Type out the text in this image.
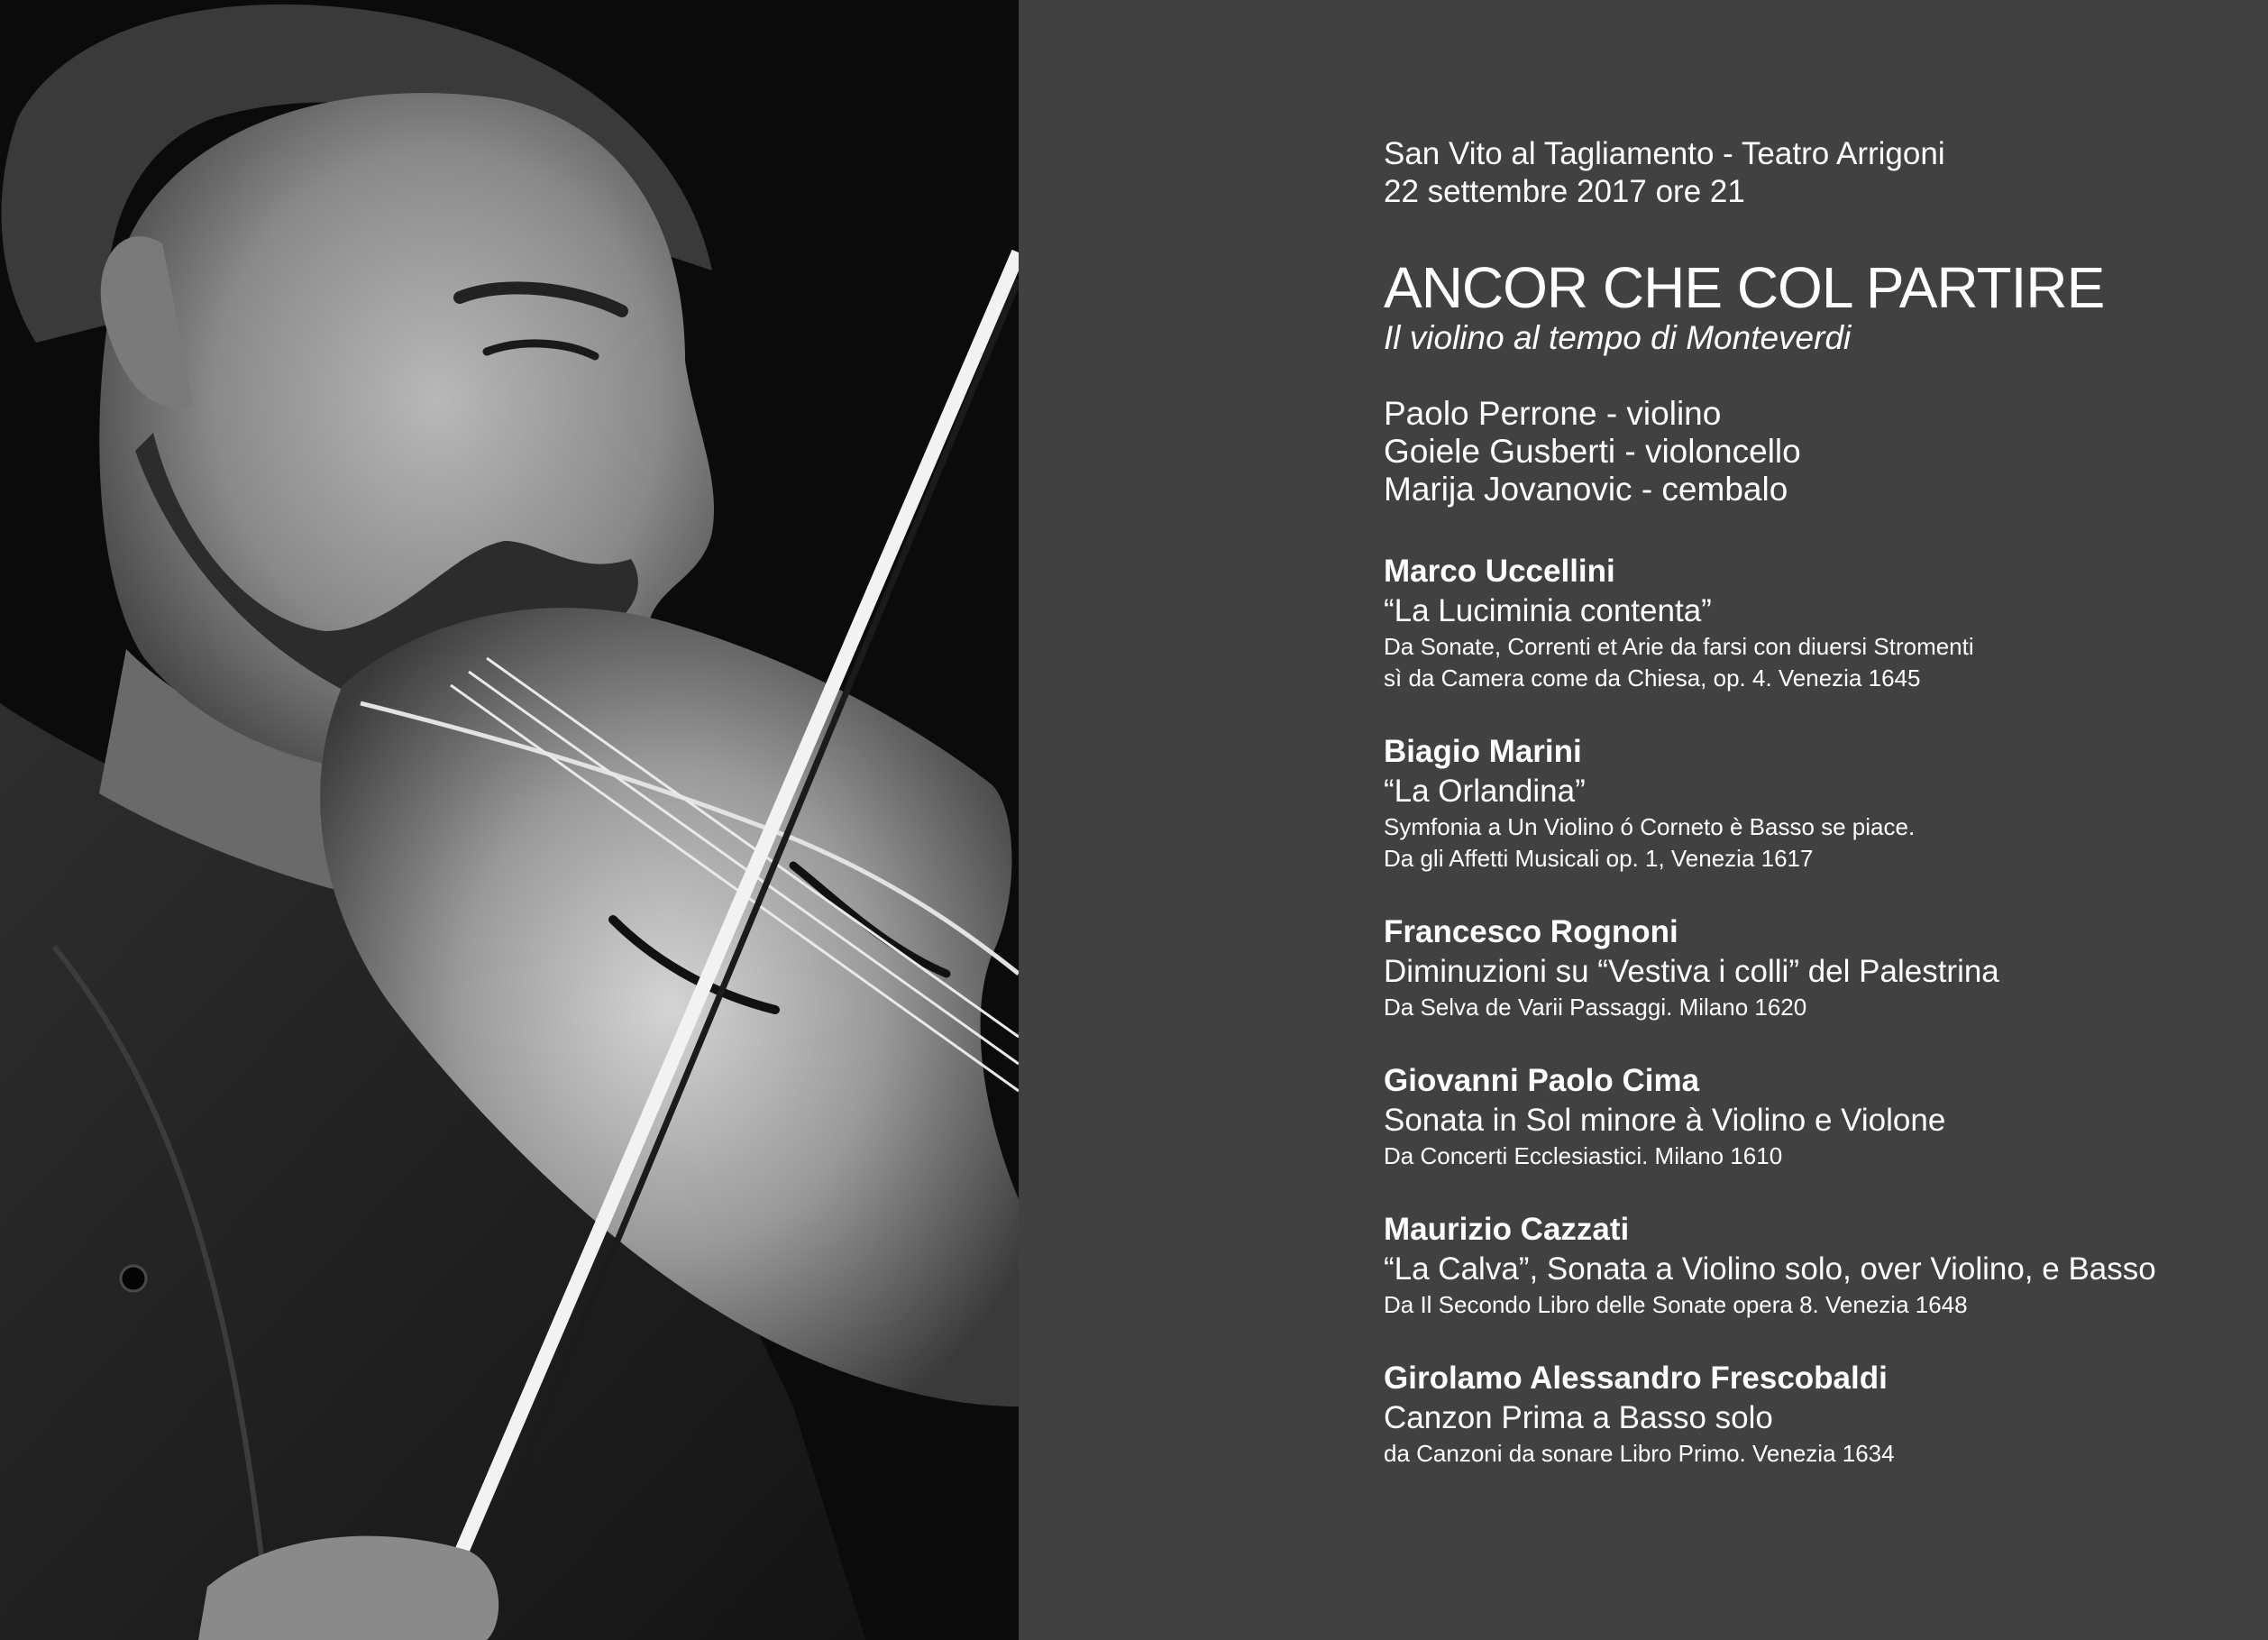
San Vito al Tagliamento - Teatro Arrigoni
22 settembre 2017 ore 21
ANCOR CHE COL PARTIRE
Il violino al tempo di Monteverdi
Paolo Perrone - violino
Goiele Gusberti - violoncello
Marija Jovanovic - cembalo
Marco Uccellini
“La Luciminia contenta”
Da Sonate, Correnti et Arie da farsi con diuersi Stromenti
sì da Camera come da Chiesa, op. 4. Venezia 1645
Biagio Marini
“La Orlandina”
Symfonia a Un Violino ó Corneto è Basso se piace.
Da gli Affetti Musicali op. 1, Venezia 1617
Francesco Rognoni
Diminuzioni su “Vestiva i colli” del Palestrina
Da Selva de Varii Passaggi. Milano 1620
Giovanni Paolo Cima
Sonata in Sol minore à Violino e Violone
Da Concerti Ecclesiastici. Milano 1610
Maurizio Cazzati
“La Calva”, Sonata a Violino solo, over Violino, e Basso
Da Il Secondo Libro delle Sonate opera 8. Venezia 1648
Girolamo Alessandro Frescobaldi
Canzon Prima a Basso solo
da Canzoni da sonare Libro Primo. Venezia 1634
